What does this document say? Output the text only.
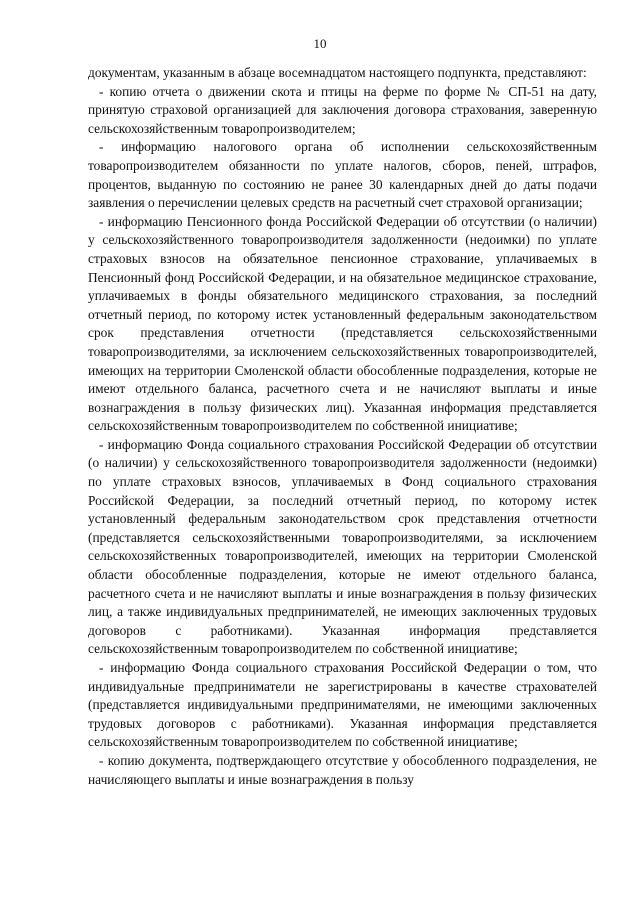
10

документам, указанным в абзаце восемнадцатом настоящего подпункта, представляют:

- копию отчета о движении скота и птицы на ферме по форме № СП-51 на дату, принятую страховой организацией для заключения договора страхования, заверенную сельскохозяйственным товаропроизводителем;

- информацию налогового органа об исполнении сельскохозяйственным товаропроизводителем обязанности по уплате налогов, сборов, пеней, штрафов, процентов, выданную по состоянию не ранее 30 календарных дней до даты подачи заявления о перечислении целевых средств на расчетный счет страховой организации;

- информацию Пенсионного фонда Российской Федерации об отсутствии (о наличии) у сельскохозяйственного товаропроизводителя задолженности (недоимки) по уплате страховых взносов на обязательное пенсионное страхование, уплачиваемых в Пенсионный фонд Российской Федерации, и на обязательное медицинское страхование, уплачиваемых в фонды обязательного медицинского страхования, за последний отчетный период, по которому истек установленный федеральным законодательством срок представления отчетности (представляется сельскохозяйственными товаропроизводителями, за исключением сельскохозяйственных товаропроизводителей, имеющих на территории Смоленской области обособленные подразделения, которые не имеют отдельного баланса, расчетного счета и не начисляют выплаты и иные вознаграждения в пользу физических лиц). Указанная информация представляется сельскохозяйственным товаропроизводителем по собственной инициативе;

- информацию Фонда социального страхования Российской Федерации об отсутствии (о наличии) у сельскохозяйственного товаропроизводителя задолженности (недоимки) по уплате страховых взносов, уплачиваемых в Фонд социального страхования Российской Федерации, за последний отчетный период, по которому истек установленный федеральным законодательством срок представления отчетности (представляется сельскохозяйственными товаропроизводителями, за исключением сельскохозяйственных товаропроизводителей, имеющих на территории Смоленской области обособленные подразделения, которые не имеют отдельного баланса, расчетного счета и не начисляют выплаты и иные вознаграждения в пользу физических лиц, а также индивидуальных предпринимателей, не имеющих заключенных трудовых договоров с работниками). Указанная информация представляется сельскохозяйственным товаропроизводителем по собственной инициативе;

- информацию Фонда социального страхования Российской Федерации о том, что индивидуальные предприниматели не зарегистрированы в качестве страхователей (представляется индивидуальными предпринимателями, не имеющими заключенных трудовых договоров с работниками). Указанная информация представляется сельскохозяйственным товаропроизводителем по собственной инициативе;

- копию документа, подтверждающего отсутствие у обособленного подразделения, не начисляющего выплаты и иные вознаграждения в пользу
